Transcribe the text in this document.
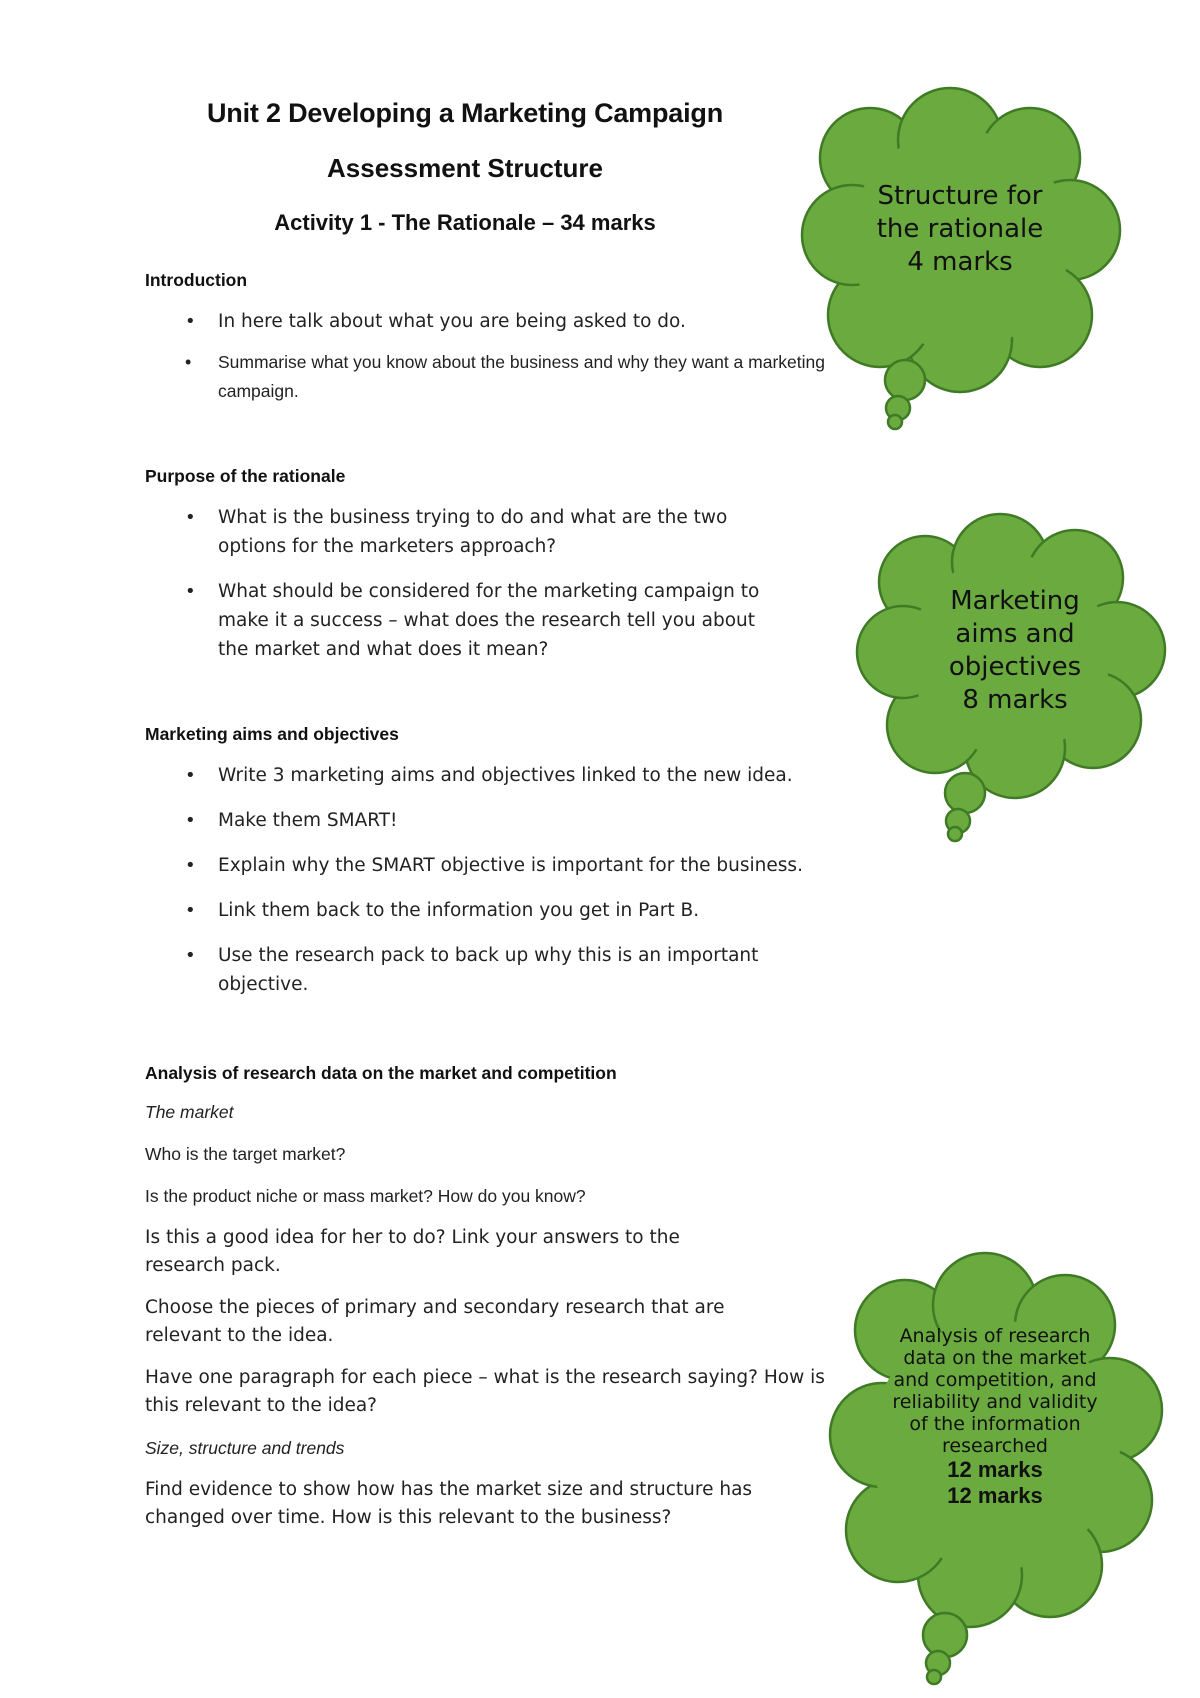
Unit 2 Developing a Marketing Campaign
Assessment Structure
Activity 1 - The Rationale – 34 marks

Introduction

• In here talk about what you are being asked to do.
• Summarise what you know about the business and why they want a marketing campaign.

Purpose of the rationale

• What is the business trying to do and what are the two options for the marketers approach?
• What should be considered for the marketing campaign to make it a success – what does the research tell you about the market and what does it mean?

Marketing aims and objectives

• Write 3 marketing aims and objectives linked to the new idea.
• Make them SMART!
• Explain why the SMART objective is important for the business.
• Link them back to the information you get in Part B.
• Use the research pack to back up why this is an important objective.

Analysis of research data on the market and competition

The market

Who is the target market?

Is the product niche or mass market? How do you know?

Is this a good idea for her to do? Link your answers to the research pack.

Choose the pieces of primary and secondary research that are relevant to the idea.

Have one paragraph for each piece – what is the research saying? How is this relevant to the idea?

Size, structure and trends

Find evidence to show how has the market size and structure has changed over time. How is this relevant to the business?

Structure for
the rationale
4 marks
Marketing
aims and
objectives
8 marks
Analysis of research data on the market and competition, and reliability and validity of the information researched
12 marks
12 marks
